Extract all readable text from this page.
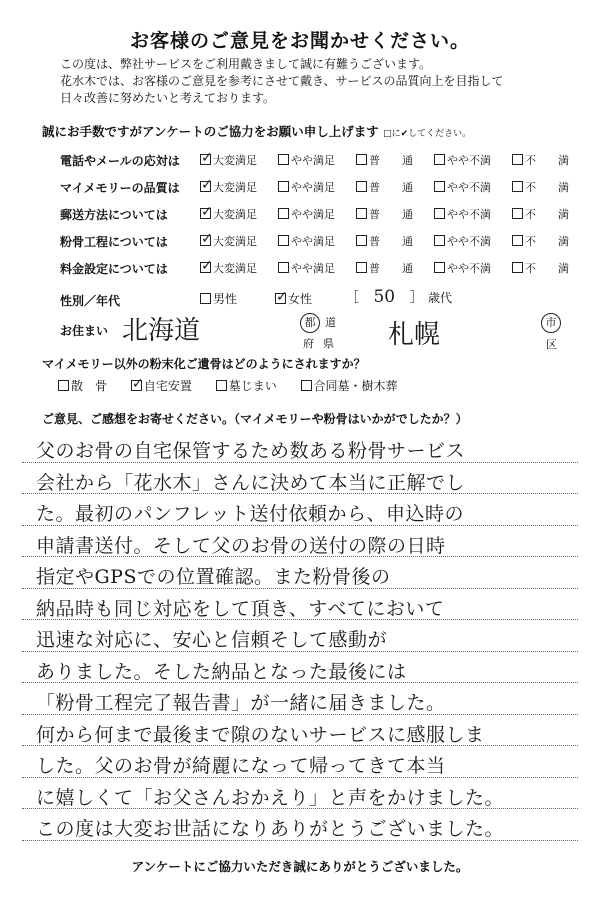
お客様のご意見をお聞かせください。
この度は、弊社サービスをご利用戴きまして誠に有難うございます。
花水木では、お客様のご意見を参考にさせて戴き、サービスの品質向上を目指して
日々改善に努めたいと考えております。
誠にお手数ですがアンケートのご協力をお願い申し上げます □に✔してください。
電話やメールの応対は ✓ 大変満足	やや満足	普　　通	やや不満	不　　満
マイメモリーの品質は ✓ 大変満足	やや満足	普　　通	やや不満	不　　満
郵送方法については ✓ 大変満足	やや満足	普　　通	やや不満	不　　満
粉骨工程については ✓ 大変満足	やや満足	普　　通	やや不満	不　　満
料金設定については ✓ 大変満足	やや満足	普　　通	やや不満	不　　満
性別／年代	男性	✓ 女性 ［ 50 ］ 歳代
お住まい 北海道	都 道
府 県 札幌	市
区
マイメモリー以外の粉末化ご遺骨はどのようにされますか？
散　骨 ✓ 自宅安置	墓じまい	合同墓・樹木葬
ご意見、ご感想をお寄せください。（マイメモリーや粉骨はいかがでしたか？）
父のお骨の自宅保管するため数ある粉骨サービス
会社から「花水木」さんに決めて本当に正解でし
た。最初のパンフレット送付依頼から、申込時の
申請書送付。そして父のお骨の送付の際の日時
指定やGPSでの位置確認。また粉骨後の
納品時も同じ対応をして頂き、すべてにおいて
迅速な対応に、安心と信頼そして感動が
ありました。そした納品となった最後には
「粉骨工程完了報告書」が一緒に届きました。
何から何まで最後まで隙のないサービスに感服しま
した。父のお骨が綺麗になって帰ってきて本当
に嬉しくて「お父さんおかえり」と声をかけました。
この度は大変お世話になりありがとうございました。
アンケートにご協力いただき誠にありがとうございました。
